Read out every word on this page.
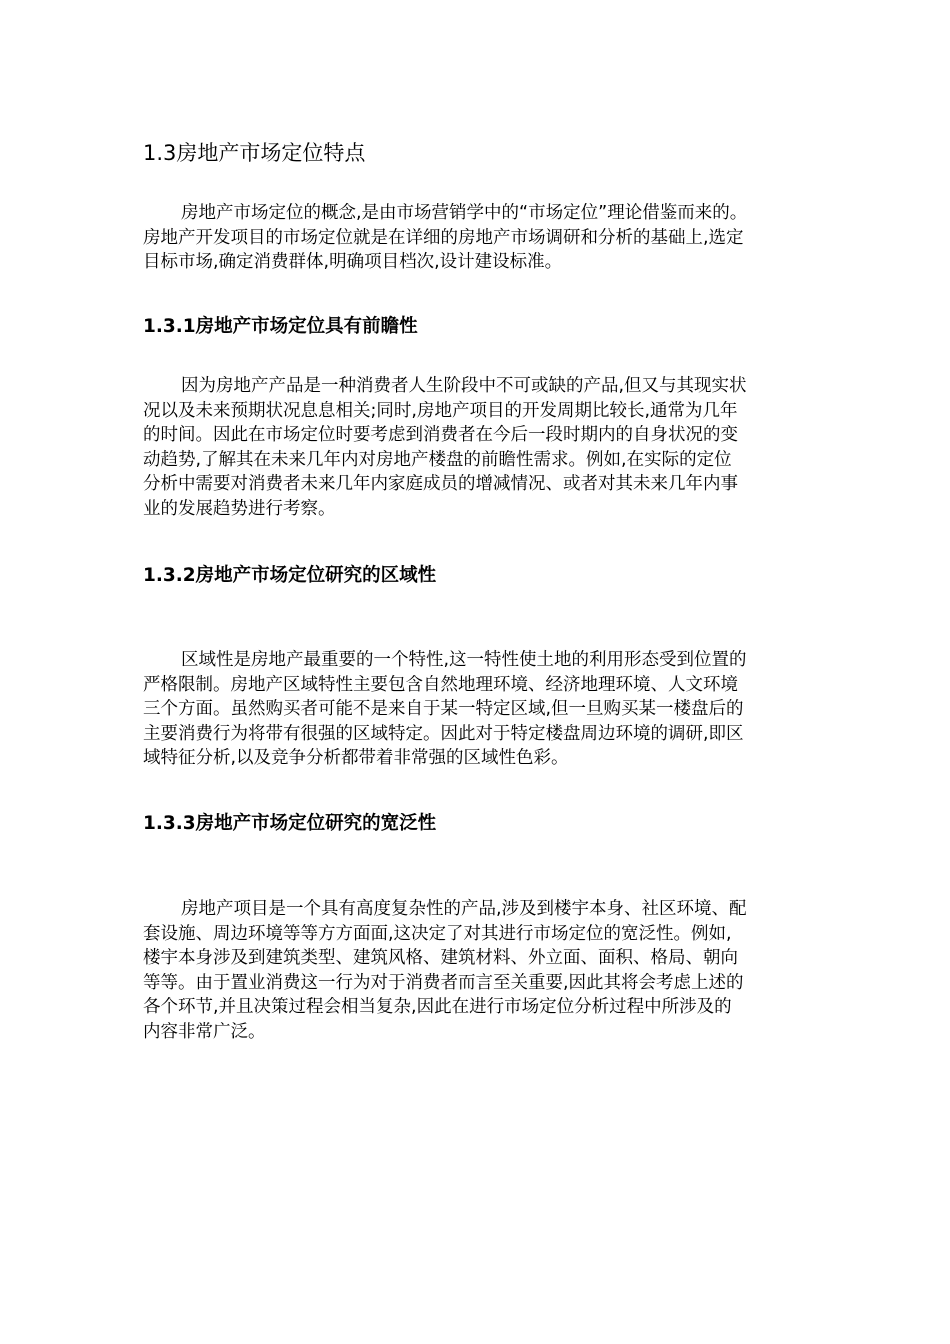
1.3房地产市场定位特点
房地产市场定位的概念,是由市场营销学中的“市场定位”理论借鉴而来的。
房地产开发项目的市场定位就是在详细的房地产市场调研和分析的基础上,选定
目标市场,确定消费群体,明确项目档次,设计建设标准。
1.3.1房地产市场定位具有前瞻性
因为房地产产品是一种消费者人生阶段中不可或缺的产品,但又与其现实状
况以及未来预期状况息息相关;同时,房地产项目的开发周期比较长,通常为几年
的时间。因此在市场定位时要考虑到消费者在今后一段时期内的自身状况的变
动趋势,了解其在未来几年内对房地产楼盘的前瞻性需求。例如,在实际的定位
分析中需要对消费者未来几年内家庭成员的增减情况、或者对其未来几年内事
业的发展趋势进行考察。
1.3.2房地产市场定位研究的区域性
区域性是房地产最重要的一个特性,这一特性使土地的利用形态受到位置的
严格限制。房地产区域特性主要包含自然地理环境、经济地理环境、人文环境
三个方面。虽然购买者可能不是来自于某一特定区域,但一旦购买某一楼盘后的
主要消费行为将带有很强的区域特定。因此对于特定楼盘周边环境的调研,即区
域特征分析,以及竞争分析都带着非常强的区域性色彩。
1.3.3房地产市场定位研究的宽泛性
房地产项目是一个具有高度复杂性的产品,涉及到楼宇本身、社区环境、配
套设施、周边环境等等方方面面,这决定了对其进行市场定位的宽泛性。例如,
楼宇本身涉及到建筑类型、建筑风格、建筑材料、外立面、面积、格局、朝向
等等。由于置业消费这一行为对于消费者而言至关重要,因此其将会考虑上述的
各个环节,并且决策过程会相当复杂,因此在进行市场定位分析过程中所涉及的
内容非常广泛。
